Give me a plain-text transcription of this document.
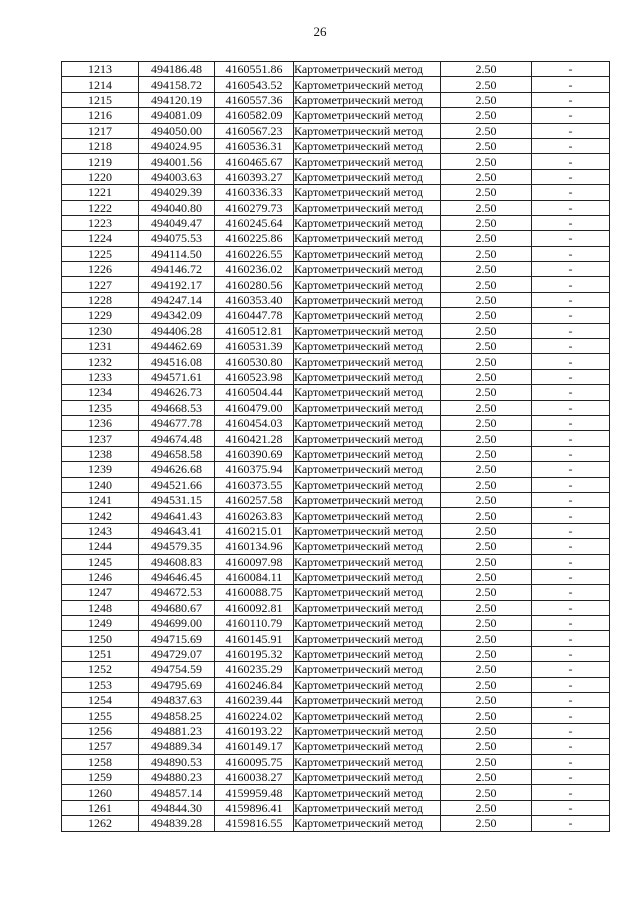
26
1213	494186.48	4160551.86	Картометрический метод	2.50	-
1214	494158.72	4160543.52	Картометрический метод	2.50	-
1215	494120.19	4160557.36	Картометрический метод	2.50	-
1216	494081.09	4160582.09	Картометрический метод	2.50	-
1217	494050.00	4160567.23	Картометрический метод	2.50	-
1218	494024.95	4160536.31	Картометрический метод	2.50	-
1219	494001.56	4160465.67	Картометрический метод	2.50	-
1220	494003.63	4160393.27	Картометрический метод	2.50	-
1221	494029.39	4160336.33	Картометрический метод	2.50	-
1222	494040.80	4160279.73	Картометрический метод	2.50	-
1223	494049.47	4160245.64	Картометрический метод	2.50	-
1224	494075.53	4160225.86	Картометрический метод	2.50	-
1225	494114.50	4160226.55	Картометрический метод	2.50	-
1226	494146.72	4160236.02	Картометрический метод	2.50	-
1227	494192.17	4160280.56	Картометрический метод	2.50	-
1228	494247.14	4160353.40	Картометрический метод	2.50	-
1229	494342.09	4160447.78	Картометрический метод	2.50	-
1230	494406.28	4160512.81	Картометрический метод	2.50	-
1231	494462.69	4160531.39	Картометрический метод	2.50	-
1232	494516.08	4160530.80	Картометрический метод	2.50	-
1233	494571.61	4160523.98	Картометрический метод	2.50	-
1234	494626.73	4160504.44	Картометрический метод	2.50	-
1235	494668.53	4160479.00	Картометрический метод	2.50	-
1236	494677.78	4160454.03	Картометрический метод	2.50	-
1237	494674.48	4160421.28	Картометрический метод	2.50	-
1238	494658.58	4160390.69	Картометрический метод	2.50	-
1239	494626.68	4160375.94	Картометрический метод	2.50	-
1240	494521.66	4160373.55	Картометрический метод	2.50	-
1241	494531.15	4160257.58	Картометрический метод	2.50	-
1242	494641.43	4160263.83	Картометрический метод	2.50	-
1243	494643.41	4160215.01	Картометрический метод	2.50	-
1244	494579.35	4160134.96	Картометрический метод	2.50	-
1245	494608.83	4160097.98	Картометрический метод	2.50	-
1246	494646.45	4160084.11	Картометрический метод	2.50	-
1247	494672.53	4160088.75	Картометрический метод	2.50	-
1248	494680.67	4160092.81	Картометрический метод	2.50	-
1249	494699.00	4160110.79	Картометрический метод	2.50	-
1250	494715.69	4160145.91	Картометрический метод	2.50	-
1251	494729.07	4160195.32	Картометрический метод	2.50	-
1252	494754.59	4160235.29	Картометрический метод	2.50	-
1253	494795.69	4160246.84	Картометрический метод	2.50	-
1254	494837.63	4160239.44	Картометрический метод	2.50	-
1255	494858.25	4160224.02	Картометрический метод	2.50	-
1256	494881.23	4160193.22	Картометрический метод	2.50	-
1257	494889.34	4160149.17	Картометрический метод	2.50	-
1258	494890.53	4160095.75	Картометрический метод	2.50	-
1259	494880.23	4160038.27	Картометрический метод	2.50	-
1260	494857.14	4159959.48	Картометрический метод	2.50	-
1261	494844.30	4159896.41	Картометрический метод	2.50	-
1262	494839.28	4159816.55	Картометрический метод	2.50	-
